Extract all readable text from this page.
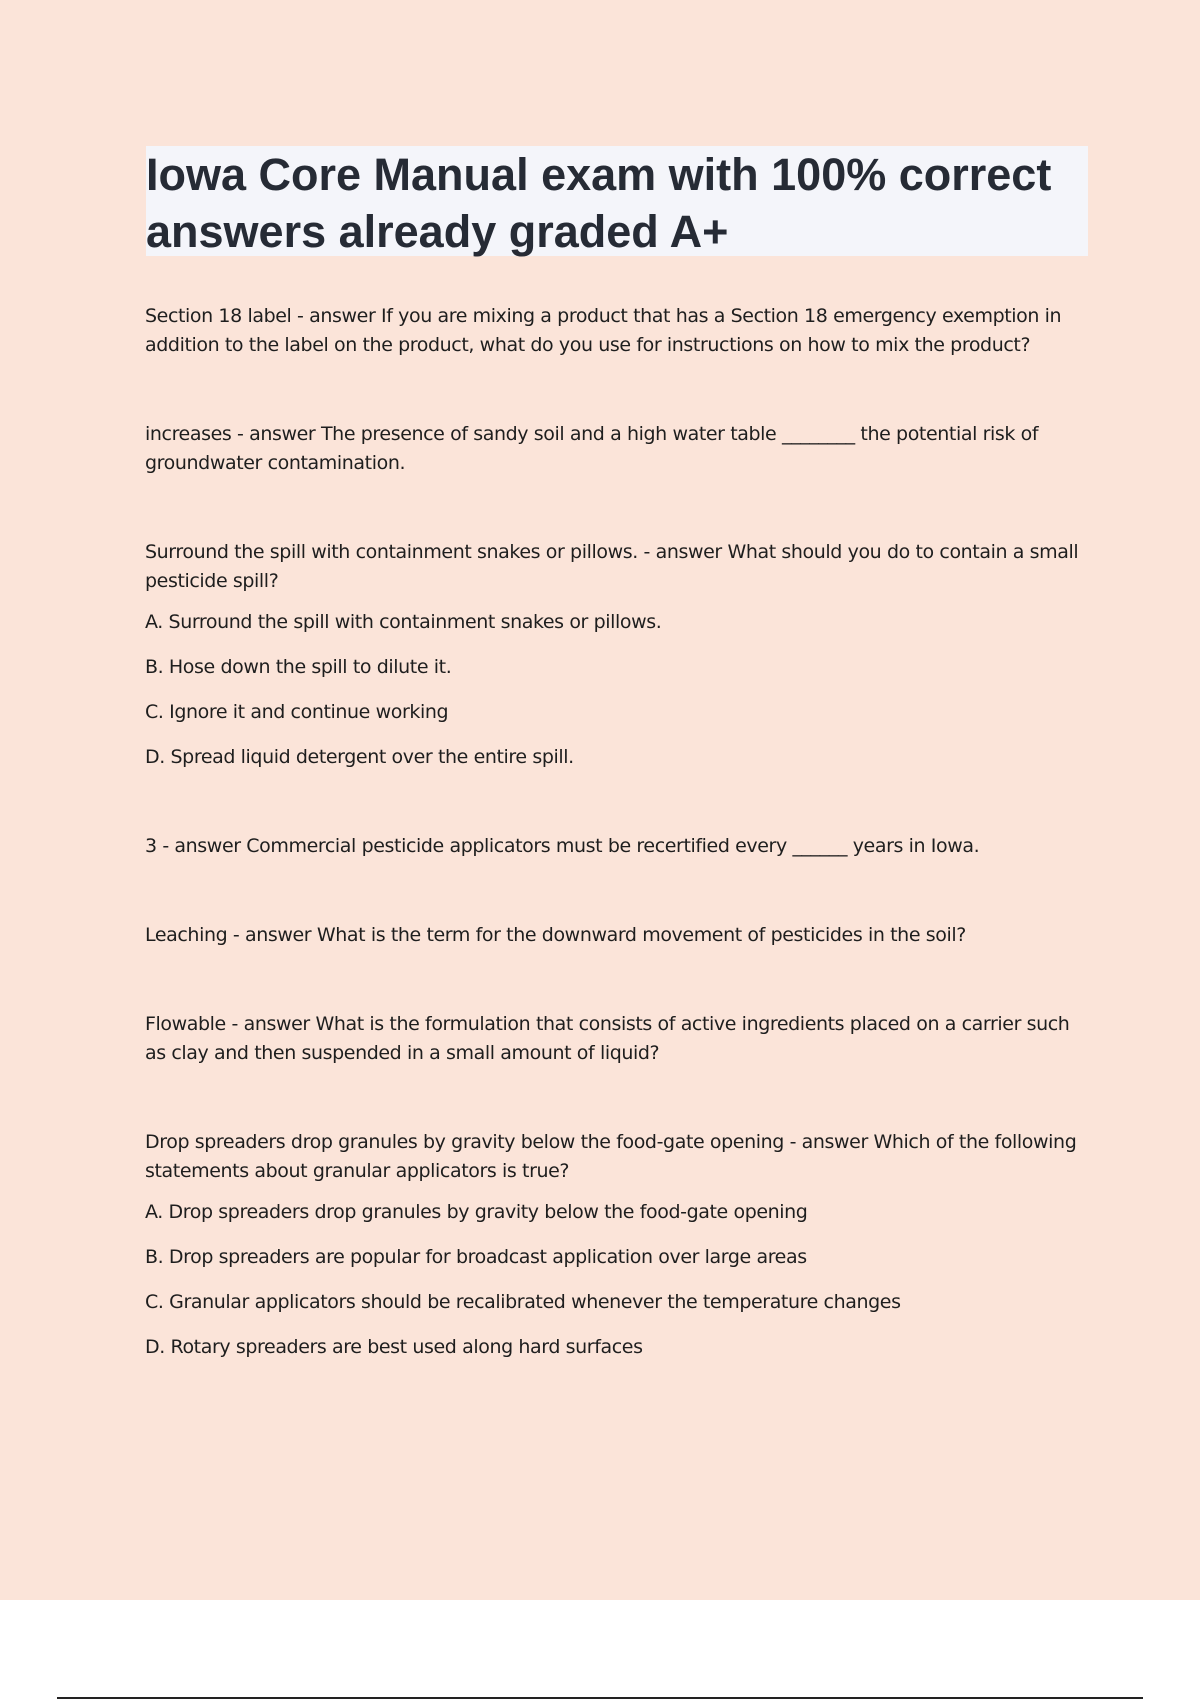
Iowa Core Manual exam with 100% correct answers already graded A+

Section 18 label - answer If you are mixing a product that has a Section 18 emergency exemption in addition to the label on the product, what do you use for instructions on how to mix the product?

increases - answer The presence of sandy soil and a high water table ________ the potential risk of groundwater contamination.

Surround the spill with containment snakes or pillows. - answer What should you do to contain a small pesticide spill?

A. Surround the spill with containment snakes or pillows.
B. Hose down the spill to dilute it.
C. Ignore it and continue working
D. Spread liquid detergent over the entire spill.

3 - answer Commercial pesticide applicators must be recertified every ______ years in Iowa.

Leaching - answer What is the term for the downward movement of pesticides in the soil?

Flowable - answer What is the formulation that consists of active ingredients placed on a carrier such as clay and then suspended in a small amount of liquid?

Drop spreaders drop granules by gravity below the food-gate opening - answer Which of the following statements about granular applicators is true?

A. Drop spreaders drop granules by gravity below the food-gate opening
B. Drop spreaders are popular for broadcast application over large areas
C. Granular applicators should be recalibrated whenever the temperature changes
D. Rotary spreaders are best used along hard surfaces
